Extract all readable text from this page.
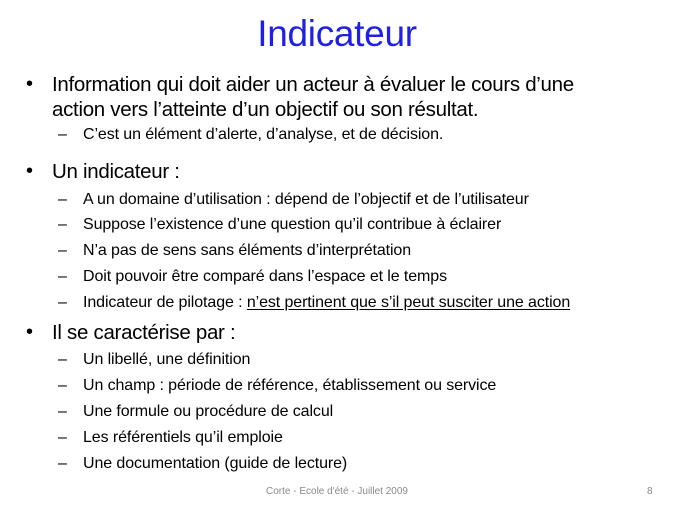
Indicateur
• Information qui doit aider un acteur à évaluer le cours d’une
action vers l’atteinte d’un objectif ou son résultat.
– C’est un élément d’alerte, d’analyse, et de décision.
• Un indicateur :
– A un domaine d’utilisation : dépend de l’objectif et de l’utilisateur
– Suppose l’existence d’une question qu’il contribue à éclairer
– N’a pas de sens sans éléments d’interprétation
– Doit pouvoir être comparé dans l’espace et le temps
– Indicateur de pilotage : n’est pertinent que s’il peut susciter une action
• Il se caractérise par :
– Un libellé, une définition
– Un champ : période de référence, établissement ou service
– Une formule ou procédure de calcul
– Les référentiels qu’il emploie
– Une documentation (guide de lecture)
Corte - Ecole d'été - Juillet 2009	8
